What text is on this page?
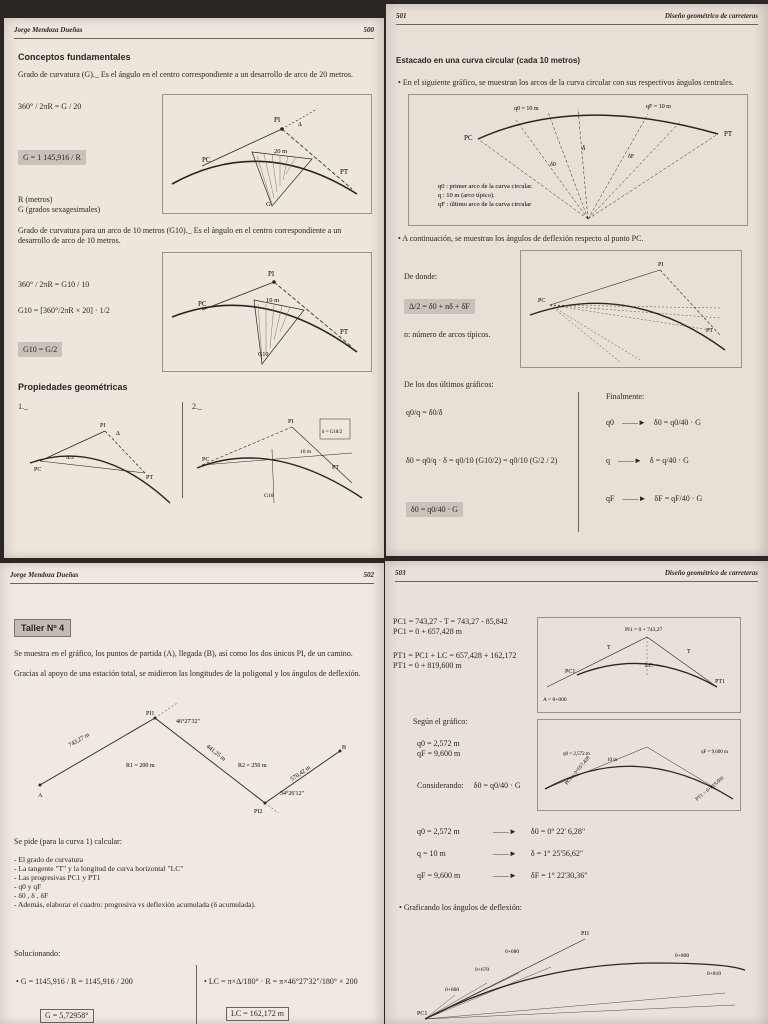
Jorge Mendoza Dueñas	500
Conceptos fundamentales
Grado de curvatura (G)._ Es el ángulo en el centro correspondiente a un desarrollo de arco de 20 metros.
360° / 2πR = G / 20
G = 1 145,916 / R
R (metros)
G (grados sexagesimales)
PI
Δ
PC
PT
20 m
G
Grado de curvatura para un arco de 10 metros (G10)._ Es el ángulo en el centro correspondiente a un desarrollo de arco de 10 metros.
360° / 2πR = G10 / 10
G10 = [360°/2πR × 20] · 1/2
G10 = G/2
PI
PC
PT
10 m
G10
Propiedades geométricas
1._	2._
PI
Δ
PC
Δ/2
PT
PI
PC
PT
10 m
G10
δ = G10/2
501	Diseño geométrico de carreteras
Estacado en una curva circular (cada 10 metros)
• En el siguiente gráfico, se muestran los arcos de la curva circular con sus respectivos ángulos centrales.
PC	PT
q0 = 10 m	qF = 10 m
δ
δ0
δF
q0 : primer arco de la curva circular.
q : 10 m (arco típico).
qF : último arco de la curva circular
• A continuación, se muestran los ángulos de deflexión respecto al punto PC.
De donde:
Δ/2 = δ0 + nδ + δF
n: número de arcos típicos.
PI
PC
PT
De los dos últimos gráficos:
q0/q = δ0/δ
δ0 = q0/q · δ = q0/10 (G10/2) = q0/10 (G/2 / 2)
δ0 = q0/40 · G
Finalmente:
q0 ——► δ0 = q0/40 · G
q ——► δ = q/40 · G
qF ——► δF = qF/40 · G
Jorge Mendoza Dueñas	502
Taller Nº 4
Se muestra en el gráfico, los puntos de partida (A), llegada (B), así como los dos únicos PI, de un camino.
Gracias al apoyo de una estación total, se midieron las longitudes de la poligonal y los ángulos de deflexión.
A
B
PI1
PI2
46°27'32"
34°26'12"
743,27 m
441,25 m
570,42 m
R1 = 200 m	R2 = 250 m
Se pide (para la curva 1) calcular:
- El grado de curvatura
- La tangente "T" y la longitud de curva horizontal "LC"
- Las progresivas PC1 y PT1
- q0 y qF
- δ0 , δ , δF
- Además, elaborar el cuadro: progresiva vs deflexión acumulada (δ acumulada).
Solucionando:
• G = 1145,916 / R = 1145,916 / 200	• LC = π×Δ/180° · R = π×46°27'32"/180° × 200
G = 5,72958°	LC = 162,172 m
503	Diseño geométrico de carreteras
PC1 = 743,27 - T = 743,27 - 85,842
PC1 = 0 + 657,428 m
PT1 = PC1 + LC = 657,428 + 162,172
PT1 = 0 + 819,600 m
PI1 = 0 + 743,27
PC1
PT1
A = 0+000
T
T
LC
Según el gráfico:
q0 = 2,572 m
qF = 9,600 m
Considerando: δ0 = q0/40 · G	PC1 = 0+657,428
PT1 = 0+819,600
q0 = 2,572 m	qF = 9,600 m
10 m
q0 = 2,572 m	——► δ0 = 0° 22' 6,28"
q = 10 m	——► δ = 1° 25'56,62"
qF = 9,600 m	——► δF = 1° 22'30,36"
• Graficando los ángulos de deflexión:
PI1
PC1
0+660
0+670
0+680
0+800
0+810
